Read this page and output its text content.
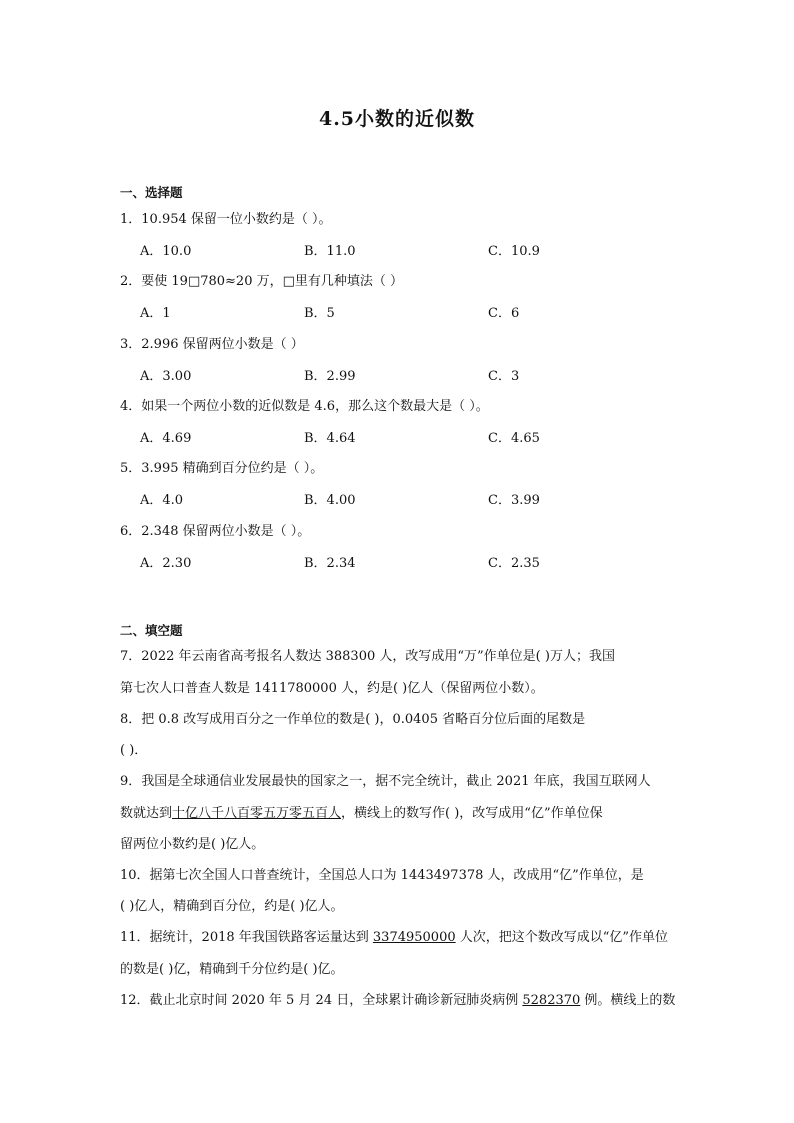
4.5小数的近似数
一、选择题
1．10.954 保留一位小数约是（ ）。
A．10.0	B．11.0	C．10.9
2．要使 19□780≈20 万，□里有几种填法（ ）
A．1	B．5	C．6
3．2.996 保留两位小数是（ ）
A．3.00	B．2.99	C．3
4．如果一个两位小数的近似数是 4.6，那么这个数最大是（ ）。
A．4.69	B．4.64	C．4.65
5．3.995 精确到百分位约是（ ）。
A．4.0	B．4.00	C．3.99
6．2.348 保留两位小数是（ ）。
A．2.30	B．2.34	C．2.35
二、填空题
7．2022 年云南省高考报名人数达 388300 人，改写成用“万”作单位是( )万人；我国
第七次人口普查人数是 1411780000 人，约是( )亿人（保留两位小数）。
8．把 0.8 改写成用百分之一作单位的数是( )，0.0405 省略百分位后面的尾数是
( )．
9．我国是全球通信业发展最快的国家之一，据不完全统计，截止 2021 年底，我国互联网人
数就达到十亿八千八百零五万零五百人，横线上的数写作( )，改写成用“亿”作单位保
留两位小数约是( )亿人。
10．据第七次全国人口普查统计，全国总人口为 1443497378 人，改成用“亿”作单位，是
( )亿人，精确到百分位，约是( )亿人。
11．据统计，2018 年我国铁路客运量达到 3374950000 人次，把这个数改写成以“亿”作单位
的数是( )亿，精确到千分位约是( )亿。
12．截止北京时间 2020 年 5 月 24 日，全球累计确诊新冠肺炎病例 5282370 例。横线上的数
